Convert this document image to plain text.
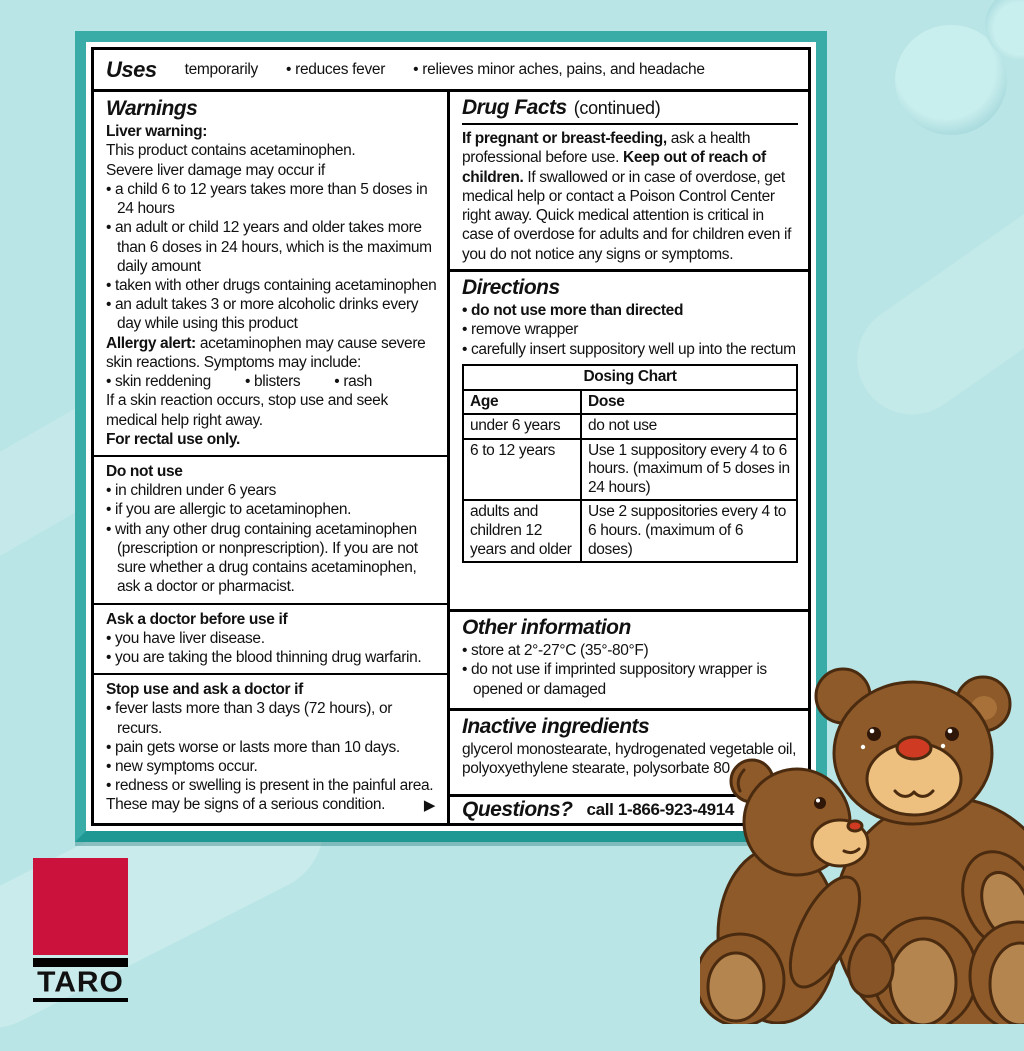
Uses temporarily • reduces fever • relieves minor aches, pains, and headache
Warnings
Liver warning:
This product contains acetaminophen.
Severe liver damage may occur if
• a child 6 to 12 years takes more than 5 doses in 24 hours
• an adult or child 12 years and older takes more than 6 doses in 24 hours, which is the maximum daily amount
• taken with other drugs containing acetaminophen
• an adult takes 3 or more alcoholic drinks every day while using this product
Allergy alert: acetaminophen may cause severe skin reactions. Symptoms may include:
• skin reddening • blisters • rash
If a skin reaction occurs, stop use and seek medical help right away.
For rectal use only.
Do not use
• in children under 6 years
• if you are allergic to acetaminophen.
• with any other drug containing acetaminophen (prescription or nonprescription). If you are not sure whether a drug contains acetaminophen, ask a doctor or pharmacist.
Ask a doctor before use if
• you have liver disease.
• you are taking the blood thinning drug warfarin.
Stop use and ask a doctor if
• fever lasts more than 3 days (72 hours), or recurs.
• pain gets worse or lasts more than 10 days.
• new symptoms occur.
• redness or swelling is present in the painful area.
These may be signs of a serious condition.	▶
Drug Facts (continued)
If pregnant or breast-feeding, ask a health professional before use. Keep out of reach of children. If swallowed or in case of overdose, get medical help or contact a Poison Control Center right away. Quick medical attention is critical in case of overdose for adults and for children even if you do not notice any signs or symptoms.
Directions
• do not use more than directed
• remove wrapper
• carefully insert suppository well up into the rectum
Dosing Chart	
Age	Dose
under 6 years	do not use
6 to 12 years	Use 1 suppository every 4 to 6 hours. (maximum of 5 doses in 24 hours)
adults and children 12 years and older	Use 2 suppositories every 4 to 6 hours. (maximum of 6 doses)
Other information
• store at 2°-27°C (35°-80°F)
• do not use if imprinted suppository wrapper is opened or damaged
Inactive ingredients
glycerol monostearate, hydrogenated vegetable oil, polyoxyethylene stearate, polysorbate 80
Questions? call 1-866-923-4914
TARO
